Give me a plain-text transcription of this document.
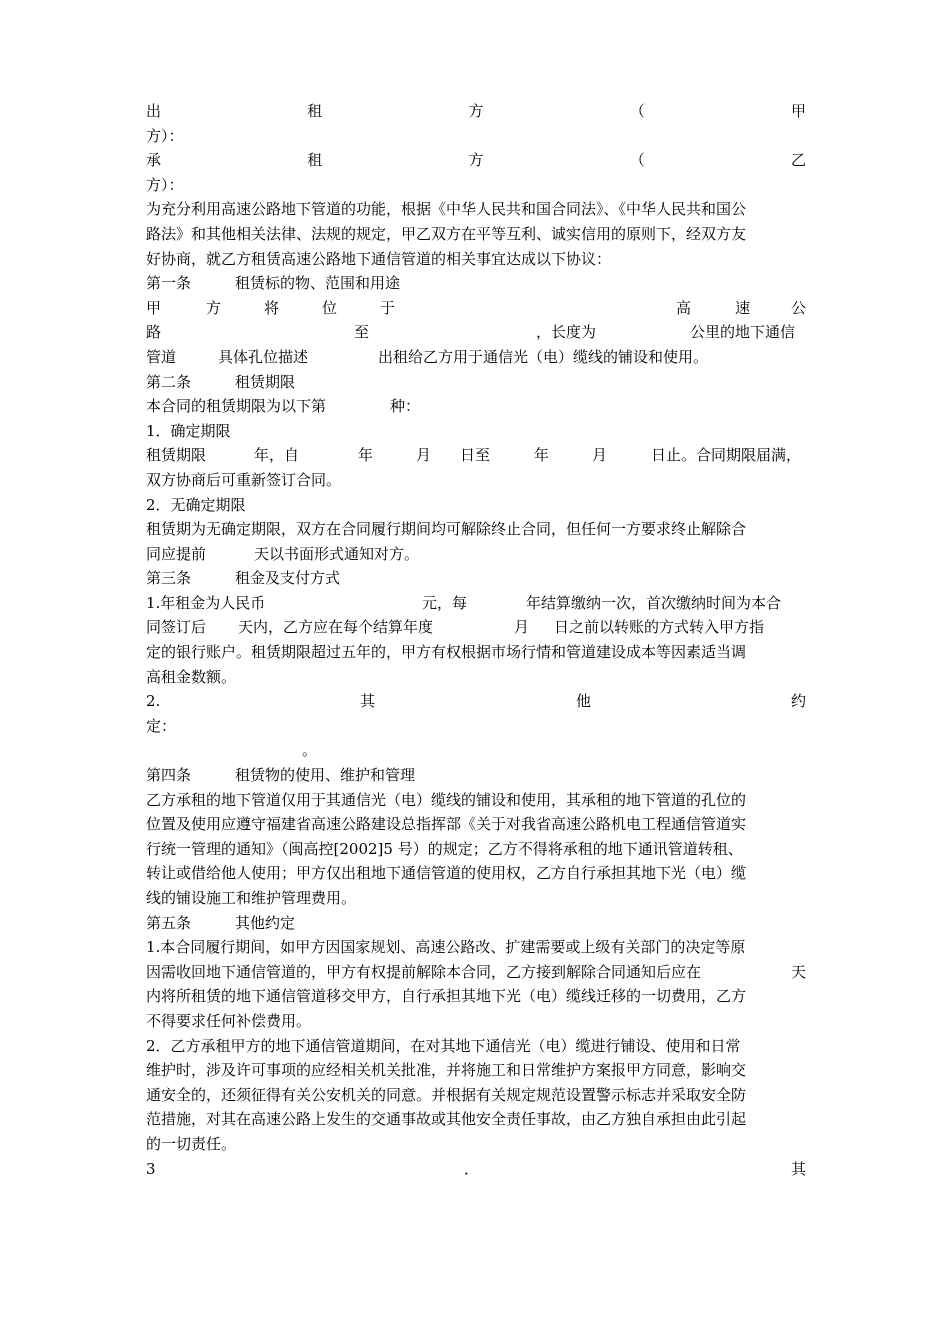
出	租	方	（	甲
方）：
承	租	方	（	乙
方）：
为充分利用高速公路地下管道的功能，根据《中华人民共和国合同法》、《中华人民共和国公
路法》和其他相关法律、法规的规定，甲乙双方在平等互利、诚实信用的原则下，经双方友
好协商，就乙方租赁高速公路地下通信管道的相关事宜达成以下协议：
第一条	租赁标的物、范围和用途
甲	方	将	位	于	高	速	公
路	至	，长度为	公里的地下通信
管道	具体孔位描述	出租给乙方用于通信光（电）缆线的铺设和使用。
第二条	租赁期限
本合同的租赁期限为以下第	种：
1．确定期限
租赁期限	年，自	年	月 日至	年	月	日止。合同期限届满，
双方协商后可重新签订合同。
2．无确定期限
租赁期为无确定期限，双方在合同履行期间均可解除终止合同，但任何一方要求终止解除合
同应提前	天以书面形式通知对方。
第三条	租金及支付方式
1.年租金为人民币	元，每	年结算缴纳一次，首次缴纳时间为本合
同签订后 天内，乙方应在每个结算年度	月 日之前以转账的方式转入甲方指
定的银行账户。租赁期限超过五年的，甲方有权根据市场行情和管道建设成本等因素适当调
高租金数额。
2.	其	他	约
定：
。
第四条	租赁物的使用、维护和管理
乙方承租的地下管道仅用于其通信光（电）缆线的铺设和使用，其承租的地下管道的孔位的
位置及使用应遵守福建省高速公路建设总指挥部《关于对我省高速公路机电工程通信管道实
行统一管理的通知》（闽高控[2002]5 号）的规定；乙方不得将承租的地下通讯管道转租、
转让或借给他人使用；甲方仅出租地下通信管道的使用权，乙方自行承担其地下光（电）缆
线的铺设施工和维护管理费用。
第五条	其他约定
1.本合同履行期间，如甲方因国家规划、高速公路改、扩建需要或上级有关部门的决定等原
因需收回地下通信管道的，甲方有权提前解除本合同，乙方接到解除合同通知后应在	天
内将所租赁的地下通信管道移交甲方，自行承担其地下光（电）缆线迁移的一切费用，乙方
不得要求任何补偿费用。
2．乙方承租甲方的地下通信管道期间，在对其地下通信光（电）缆进行铺设、使用和日常
维护时，涉及许可事项的应经相关机关批准，并将施工和日常维护方案报甲方同意，影响交
通安全的，还须征得有关公安机关的同意。并根据有关规定规范设置警示标志并采取安全防
范措施，对其在高速公路上发生的交通事故或其他安全责任事故，由乙方独自承担由此引起
的一切责任。
3	．	其
